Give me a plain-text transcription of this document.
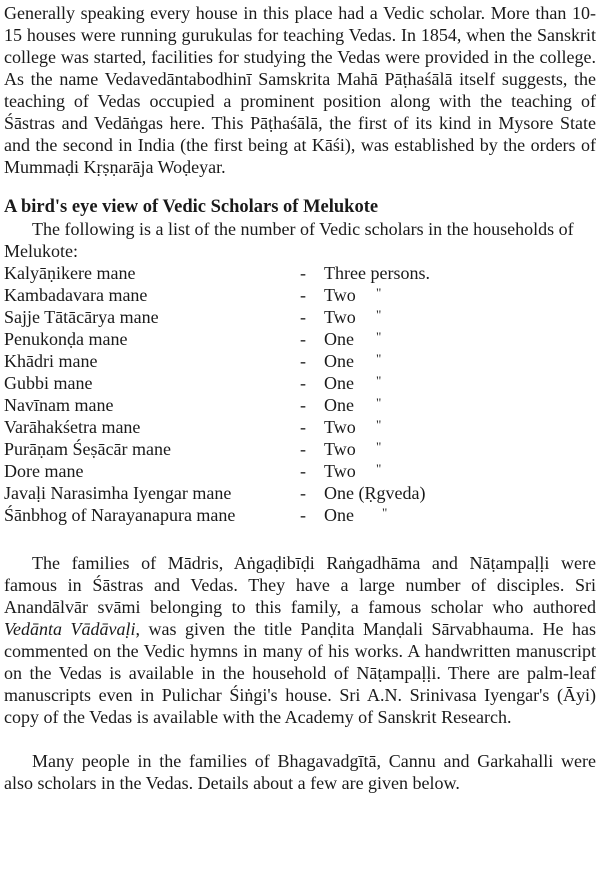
Generally speaking every house in this place had a Vedic scholar. More than 10-15 houses were running gurukulas for teaching Vedas. In 1854, when the Sanskrit college was started, facilities for studying the Vedas were provided in the college. As the name Vedavedāntabodhinī Samskrita Mahā Pāṭhaśālā itself suggests, the teaching of Vedas occupied a prominent position along with the teaching of Śāstras and Vedāṅgas here. This Pāṭhaśālā, the first of its kind in Mysore State and the second in India (the first being at Kāśi), was established by the orders of Mummaḍi Kṛṣṇarāja Woḍeyar.

A bird's eye view of Vedic Scholars of Melukote

The following is a list of the number of Vedic scholars in the households of Melukote:

Kalyāṇikere mane	- Three persons.
Kambadavara mane	- Two "
Sajje Tātācārya mane	- Two "
Penukonḍa mane	- One "
Khādri mane	- One "
Gubbi mane	- One "
Navīnam mane	- One "
Varāhakśetra mane	- Two "
Purāṇam Śeṣācār mane	- Two "
Dore mane	- Two "
Javaḷi Narasimha Iyengar mane	- One (Ṛgveda)
Śānbhog of Narayanapura mane	- One "

The families of Mādris, Aṅgaḍibīḍi Raṅgadhāma and Nāṭampaḷḷi were famous in Śāstras and Vedas. They have a large number of disciples. Sri Anandālvār svāmi belonging to this family, a famous scholar who authored Vedānta Vādāvaḷi, was given the title Panḍita Manḍali Sārvabhauma. He has commented on the Vedic hymns in many of his works. A handwritten manuscript on the Vedas is available in the household of Nāṭampaḷḷi. There are palm-leaf manuscripts even in Pulichar Śiṅgi's house. Sri A.N. Srinivasa Iyengar's (Āyi) copy of the Vedas is available with the Academy of Sanskrit Research.

Many people in the families of Bhagavadgītā, Cannu and Garkahalli were also scholars in the Vedas. Details about a few are given below.
